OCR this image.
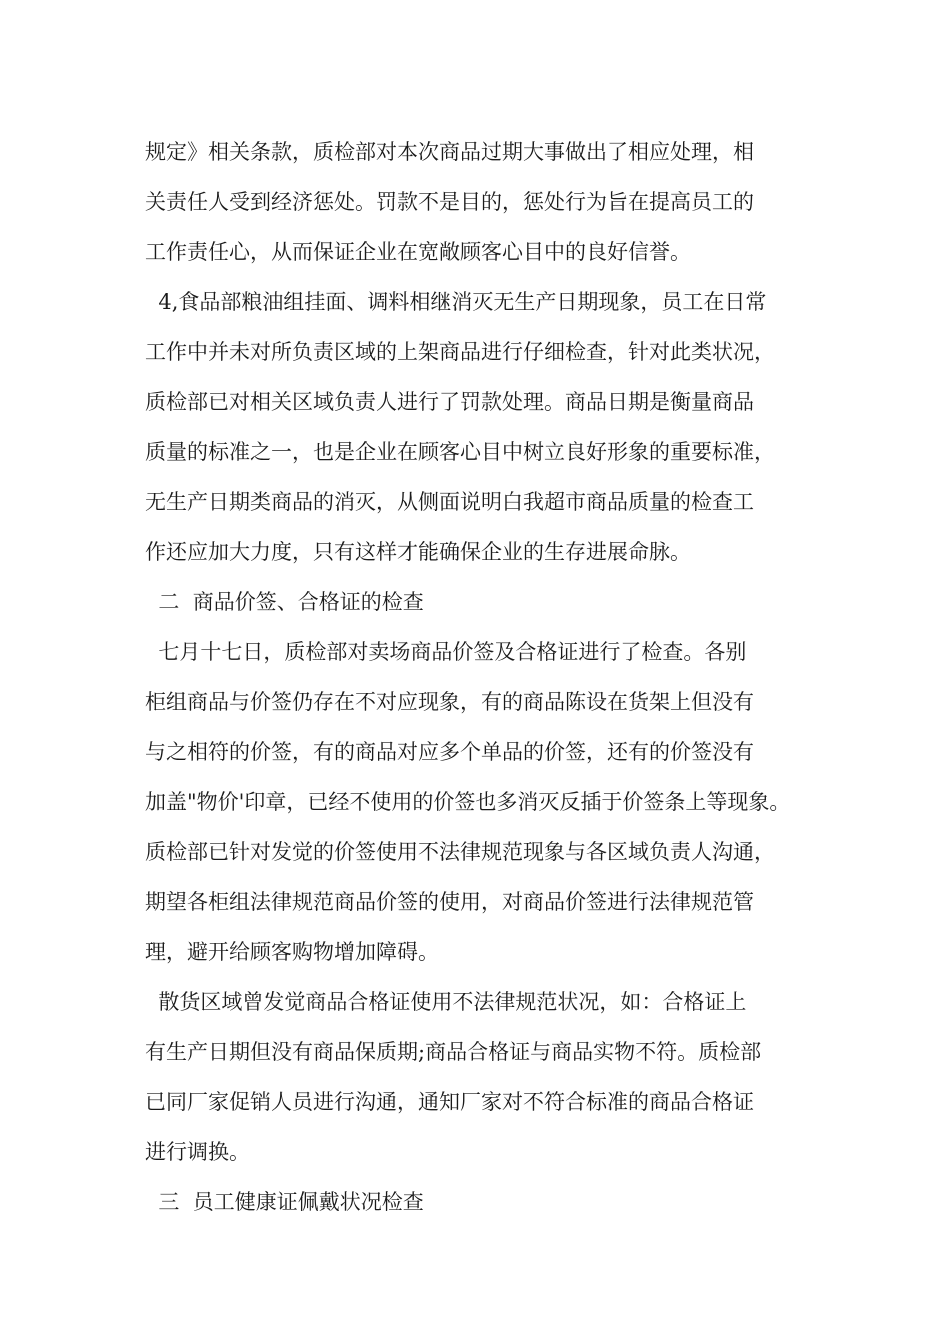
规定》相关条款，质检部对本次商品过期大事做出了相应处理，相

关责任人受到经济惩处。罚款不是目的，惩处行为旨在提高员工的

工作责任心，从而保证企业在宽敞顾客心目中的良好信誉。

4,食品部粮油组挂面、调料相继消灭无生产日期现象，员工在日常

工作中并未对所负责区域的上架商品进行仔细检查，针对此类状况，

质检部已对相关区域负责人进行了罚款处理。商品日期是衡量商品

质量的标准之一，也是企业在顾客心目中树立良好形象的重要标准，

无生产日期类商品的消灭，从侧面说明白我超市商品质量的检查工

作还应加大力度，只有这样才能确保企业的生存进展命脉。

二  商品价签、合格证的检查

七月十七日，质检部对卖场商品价签及合格证进行了检查。各别

柜组商品与价签仍存在不对应现象，有的商品陈设在货架上但没有

与之相符的价签，有的商品对应多个单品的价签，还有的价签没有

加盖"物价'印章，已经不使用的价签也多消灭反插于价签条上等现象。

质检部已针对发觉的价签使用不法律规范现象与各区域负责人沟通，

期望各柜组法律规范商品价签的使用，对商品价签进行法律规范管

理，避开给顾客购物增加障碍。

散货区域曾发觉商品合格证使用不法律规范状况，如：合格证上

有生产日期但没有商品保质期;商品合格证与商品实物不符。质检部

已同厂家促销人员进行沟通，通知厂家对不符合标准的商品合格证

进行调换。

三  员工健康证佩戴状况检查
